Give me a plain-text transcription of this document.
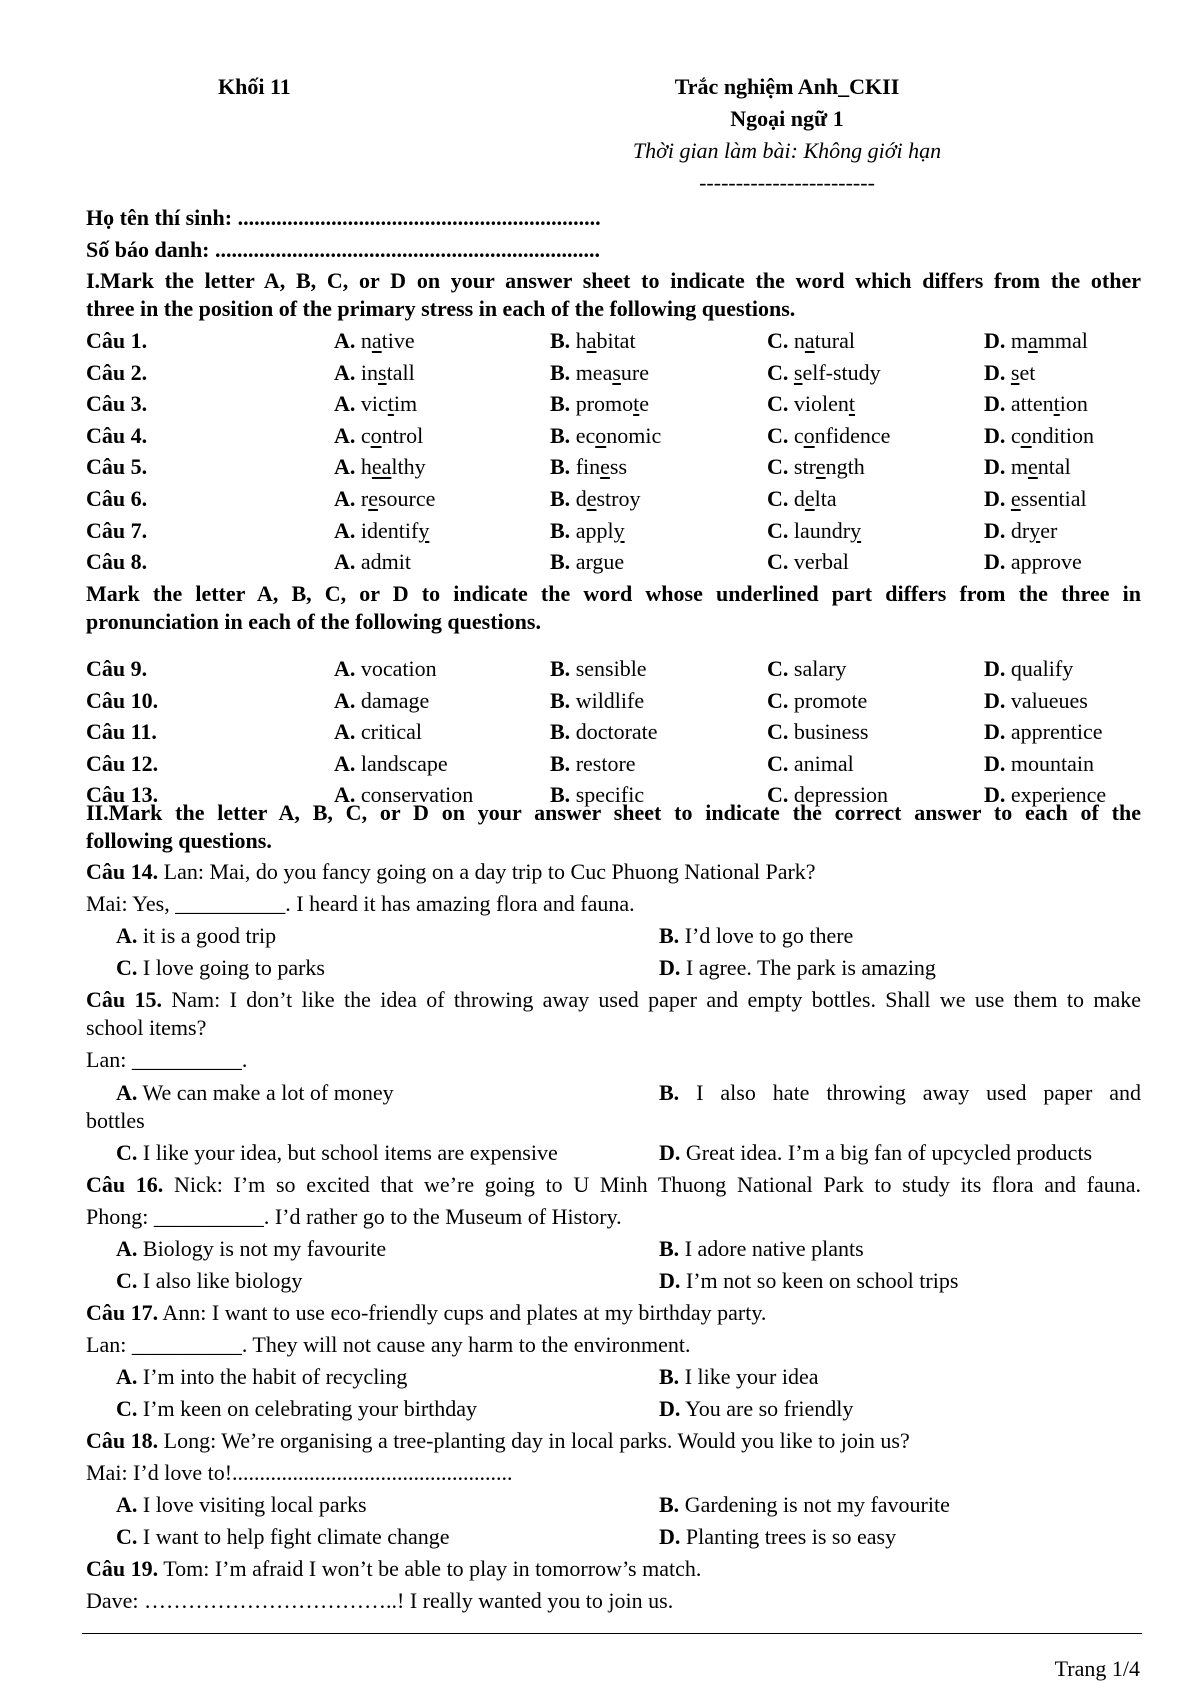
Khối 11	Trắc nghiệm Anh_CKII
Ngoại ngữ 1
Thời gian làm bài: Không giới hạn
------------------------
Họ tên thí sinh: ..................................................................
Số báo danh: ......................................................................
I.Mark the letter A, B, C, or D on your answer sheet to indicate the word which differs from the other
three in the position of the primary stress in each of the following questions.
Mark the letter A, B, C, or D to indicate the word whose underlined part differs from the three in
pronunciation in each of the following questions.
II.Mark the letter A, B, C, or D on your answer sheet to indicate the correct answer to each of the
following questions.
Câu 14. Lan: Mai, do you fancy going on a day trip to Cuc Phuong National Park?
Mai: Yes, __________. I heard it has amazing flora and fauna.
A. it is a good trip	B. I’d love to go there
C. I love going to parks	D. I agree. The park is amazing
Câu 15. Nam: I don’t like the idea of throwing away used paper and empty bottles. Shall we use them to make
school items?
Lan: __________.
A. We can make a lot of money	B. I also hate throwing away used paper and
bottles
C. I like your idea, but school items are expensive	D. Great idea. I’m a big fan of upcycled products
Câu 16. Nick: I’m so excited that we’re going to U Minh Thuong National Park to study its flora and fauna.
Phong: __________. I’d rather go to the Museum of History.
A. Biology is not my favourite	B. I adore native plants
C. I also like biology	D. I’m not so keen on school trips
Câu 17. Ann: I want to use eco-friendly cups and plates at my birthday party.
Lan: __________. They will not cause any harm to the environment.
A. I’m into the habit of recycling	B. I like your idea
C. I’m keen on celebrating your birthday	D. You are so friendly
Câu 18. Long: We’re organising a tree-planting day in local parks. Would you like to join us?
Mai: I’d love to!...................................................
A. I love visiting local parks	B. Gardening is not my favourite
C. I want to help fight climate change	D. Planting trees is so easy
Câu 19. Tom: I’m afraid I won’t be able to play in tomorrow’s match.
Dave: ……………………………..! I really wanted you to join us.
Trang 1/4
Câu 1.	A. native	B. habitat	C. natural	D. mammal
Câu 2.	A. install	B. measure	C. self-study	D. set
Câu 3.	A. victim	B. promote	C. violent	D. attention
Câu 4.	A. control	B. economic	C. confidence	D. condition
Câu 5.	A. healthy	B. finess	C. strength	D. mental
Câu 6.	A. resource	B. destroy	C. delta	D. essential
Câu 7.	A. identify	B. apply	C. laundry	D. dryer
Câu 8.	A. admit	B. argue	C. verbal	D. approve
Câu 9.	A. vocation	B. sensible	C. salary	D. qualify
Câu 10.	A. damage	B. wildlife	C. promote	D. valueues
Câu 11.	A. critical	B. doctorate	C. business	D. apprentice
Câu 12.	A. landscape	B. restore	C. animal	D. mountain
Câu 13.	A. conservation	B. specific	C. depression	D. experience
